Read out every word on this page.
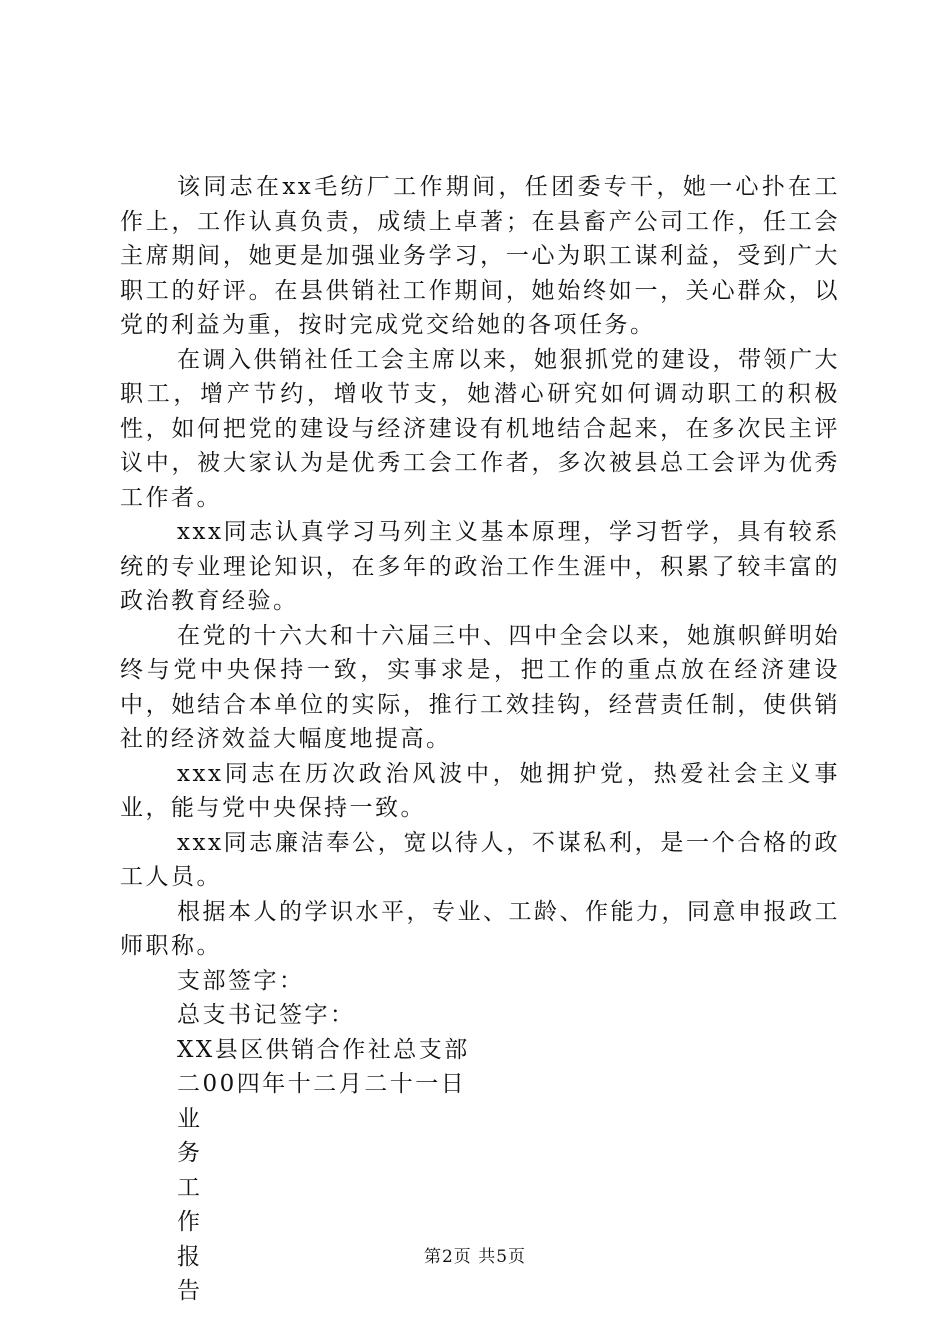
该同志在xx毛纺厂工作期间，任团委专干，她一心扑在工作上，工作认真负责，成绩上卓著；在县畜产公司工作，任工会主席期间，她更是加强业务学习，一心为职工谋利益，受到广大职工的好评。在县供销社工作期间，她始终如一，关心群众，以党的利益为重，按时完成党交给她的各项任务。

在调入供销社任工会主席以来，她狠抓党的建设，带领广大职工，增产节约，增收节支，她潜心研究如何调动职工的积极性，如何把党的建设与经济建设有机地结合起来，在多次民主评议中，被大家认为是优秀工会工作者，多次被县总工会评为优秀工作者。

xxx同志认真学习马列主义基本原理，学习哲学，具有较系统的专业理论知识，在多年的政治工作生涯中，积累了较丰富的政治教育经验。

在党的十六大和十六届三中、四中全会以来，她旗帜鲜明始终与党中央保持一致，实事求是，把工作的重点放在经济建设中，她结合本单位的实际，推行工效挂钩，经营责任制，使供销社的经济效益大幅度地提高。

xxx同志在历次政治风波中，她拥护党，热爱社会主义事业，能与党中央保持一致。

xxx同志廉洁奉公，宽以待人，不谋私利，是一个合格的政工人员。

根据本人的学识水平，专业、工龄、作能力，同意申报政工师职称。

支部签字：

总支书记签字：

XX县区供销合作社总支部

二00四年十二月二十一日

业
务
工
作
报
告
第2页 共5页
